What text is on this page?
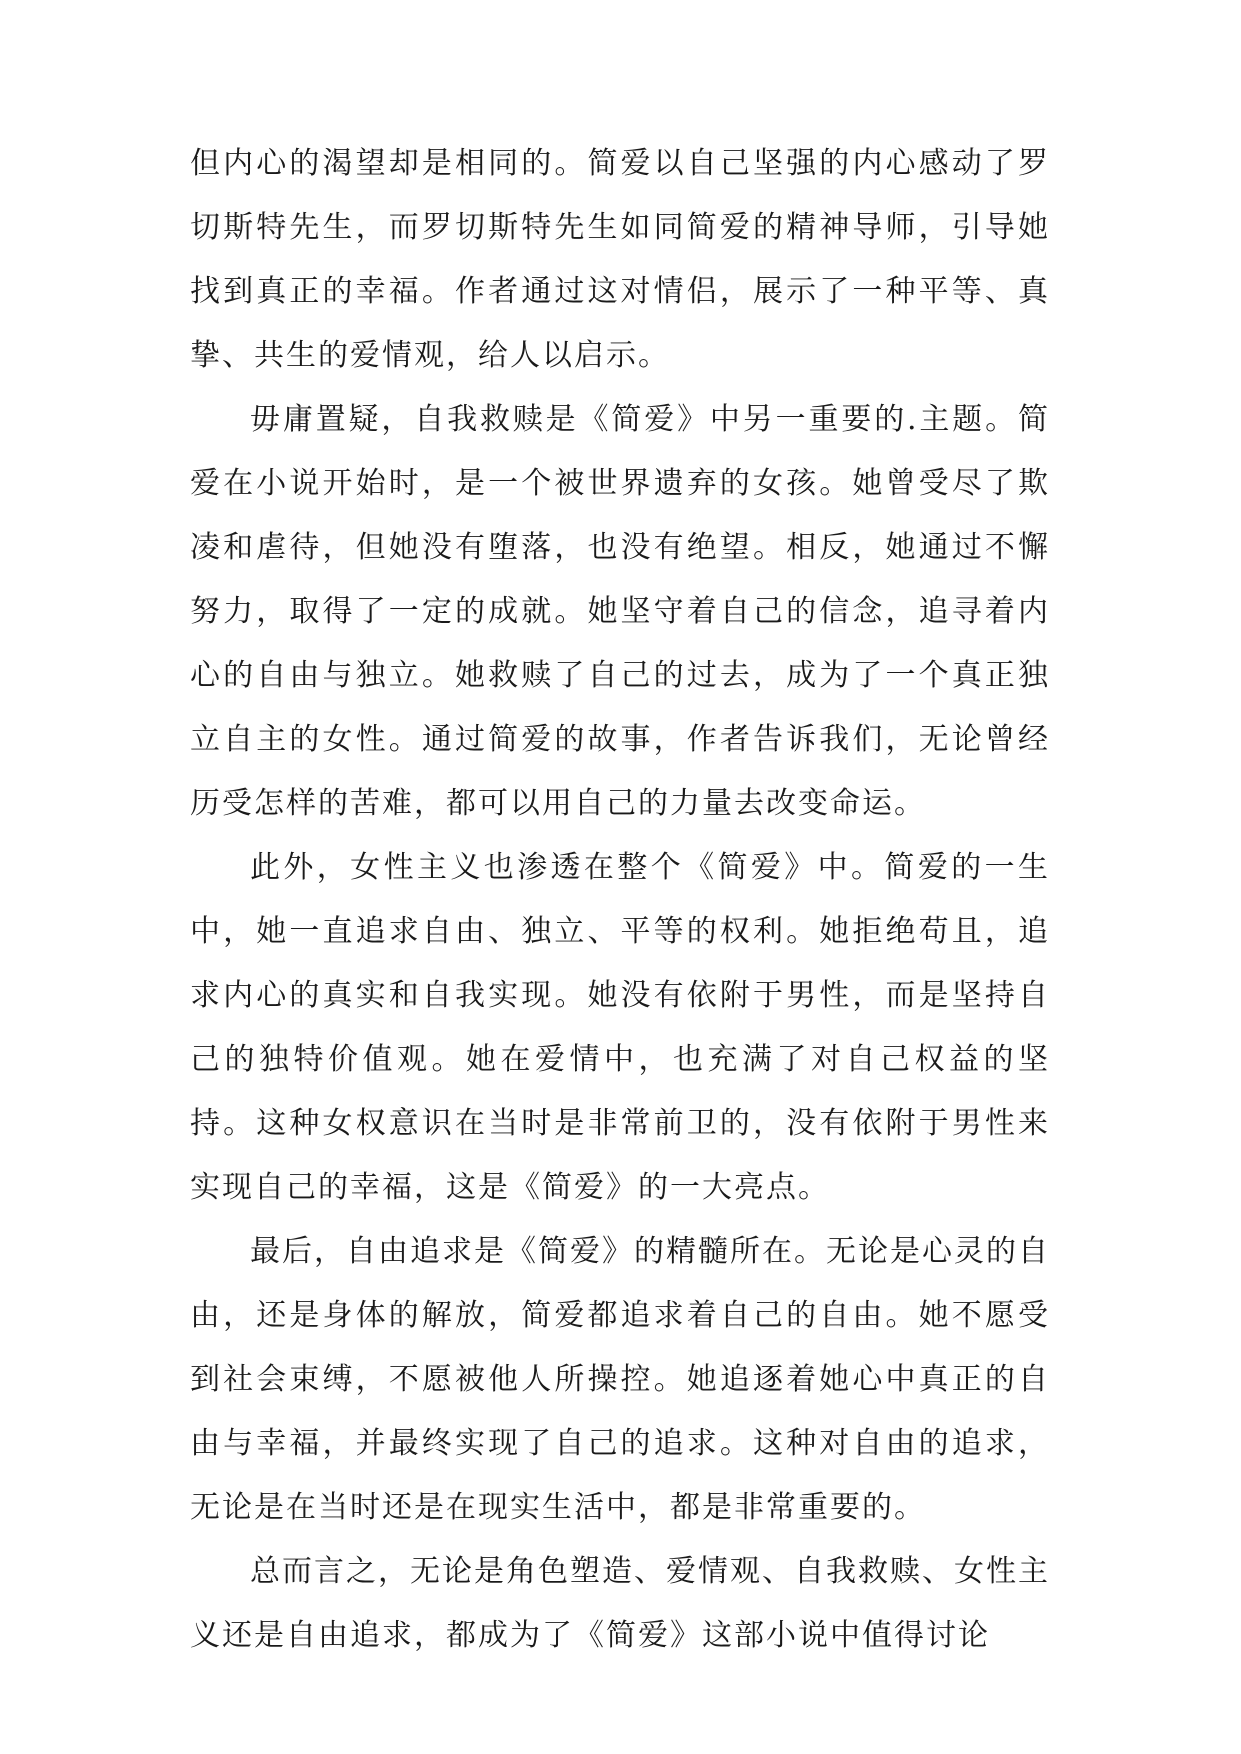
但内心的渴望却是相同的。简爱以自己坚强的内心感动了罗切斯特先生，而罗切斯特先生如同简爱的精神导师，引导她找到真正的幸福。作者通过这对情侣，展示了一种平等、真挚、共生的爱情观，给人以启示。

毋庸置疑，自我救赎是《简爱》中另一重要的.主题。简爱在小说开始时，是一个被世界遗弃的女孩。她曾受尽了欺凌和虐待，但她没有堕落，也没有绝望。相反，她通过不懈努力，取得了一定的成就。她坚守着自己的信念，追寻着内心的自由与独立。她救赎了自己的过去，成为了一个真正独立自主的女性。通过简爱的故事，作者告诉我们，无论曾经历受怎样的苦难，都可以用自己的力量去改变命运。

此外，女性主义也渗透在整个《简爱》中。简爱的一生中，她一直追求自由、独立、平等的权利。她拒绝苟且，追求内心的真实和自我实现。她没有依附于男性，而是坚持自己的独特价值观。她在爱情中，也充满了对自己权益的坚持。这种女权意识在当时是非常前卫的，没有依附于男性来实现自己的幸福，这是《简爱》的一大亮点。

最后，自由追求是《简爱》的精髓所在。无论是心灵的自由，还是身体的解放，简爱都追求着自己的自由。她不愿受到社会束缚，不愿被他人所操控。她追逐着她心中真正的自由与幸福，并最终实现了自己的追求。这种对自由的追求，无论是在当时还是在现实生活中，都是非常重要的。

总而言之，无论是角色塑造、爱情观、自我救赎、女性主义还是自由追求，都成为了《简爱》这部小说中值得讨论
